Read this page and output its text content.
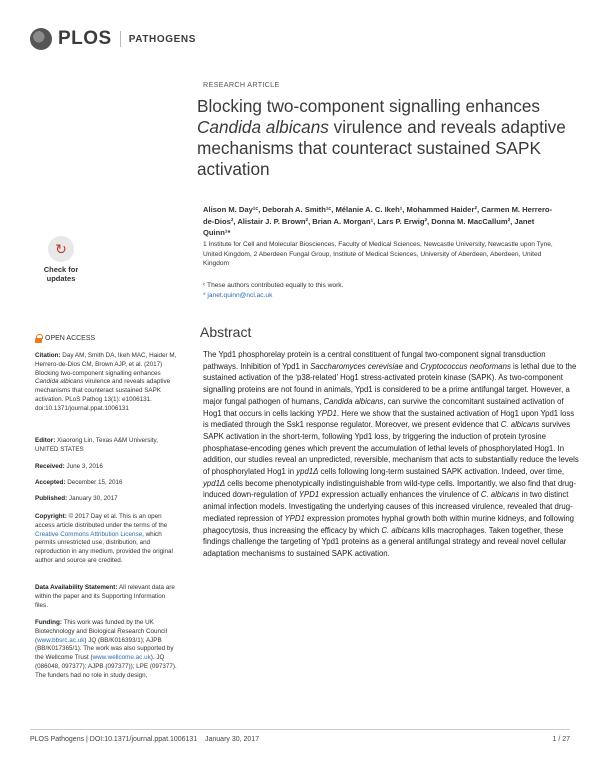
PLOS PATHOGENS
RESEARCH ARTICLE
Blocking two-component signalling enhances Candida albicans virulence and reveals adaptive mechanisms that counteract sustained SAPK activation
Alison M. Day¹ᶜ, Deborah A. Smith¹ᶜ, Mélanie A. C. Ikeh¹, Mohammed Haider², Carmen M. Herrero-de-Dios², Alistair J. P. Brown², Brian A. Morgan¹, Lars P. Erwig², Donna M. MacCallum², Janet Quinn¹*
1 Institute for Cell and Molecular Biosciences, Faculty of Medical Sciences, Newcastle University, Newcastle upon Tyne, United Kingdom, 2 Aberdeen Fungal Group, Institute of Medical Sciences, University of Aberdeen, Aberdeen, United Kingdom
ᶜ These authors contributed equally to this work.
* janet.quinn@ncl.ac.uk
Abstract
The Ypd1 phosphorelay protein is a central constituent of fungal two-component signal transduction pathways. Inhibition of Ypd1 in Saccharomyces cerevisiae and Cryptococcus neoformans is lethal due to the sustained activation of the ‘p38-related’ Hog1 stress-activated protein kinase (SAPK). As two-component signalling proteins are not found in animals, Ypd1 is considered to be a prime antifungal target. However, a major fungal pathogen of humans, Candida albicans, can survive the concomitant sustained activation of Hog1 that occurs in cells lacking YPD1. Here we show that the sustained activation of Hog1 upon Ypd1 loss is mediated through the Ssk1 response regulator. Moreover, we present evidence that C. albicans survives SAPK activation in the short-term, following Ypd1 loss, by triggering the induction of protein tyrosine phosphatase-encoding genes which prevent the accumulation of lethal levels of phosphorylated Hog1. In addition, our studies reveal an unpredicted, reversible, mechanism that acts to substantially reduce the levels of phosphorylated Hog1 in ypd1Δ cells following long-term sustained SAPK activation. Indeed, over time, ypd1Δ cells become phenotypically indistinguishable from wild-type cells. Importantly, we also find that drug-induced down-regulation of YPD1 expression actually enhances the virulence of C. albicans in two distinct animal infection models. Investigating the underlying causes of this increased virulence, revealed that drug-mediated repression of YPD1 expression promotes hyphal growth both within murine kidneys, and following phagocytosis, thus increasing the efficacy by which C. albicans kills macrophages. Taken together, these findings challenge the targeting of Ypd1 proteins as a general antifungal strategy and reveal novel cellular adaptation mechanisms to sustained SAPK activation.
↻
Check for updates
OPEN ACCESS
Citation: Day AM, Smith DA, Ikeh MAC, Haider M, Herrero-de-Dios CM, Brown AJP, et al. (2017) Blocking two-component signalling enhances Candida albicans virulence and reveals adaptive mechanisms that counteract sustained SAPK activation. PLoS Pathog 13(1): e1006131. doi:10.1371/journal.ppat.1006131
Editor: Xiaorong Lin, Texas A&M University, UNITED STATES
Received: June 3, 2016
Accepted: December 15, 2016
Published: January 30, 2017
Copyright: © 2017 Day et al. This is an open access article distributed under the terms of the Creative Commons Attribution License, which permits unrestricted use, distribution, and reproduction in any medium, provided the original author and source are credited.
Data Availability Statement: All relevant data are within the paper and its Supporting Information files.
Funding: This work was funded by the UK Biotechnology and Biological Research Council (www.bbsrc.ac.uk) JQ (BB/K016393/1); AJPB (BB/K017365/1). The work was also supported by the Wellcome Trust (www.wellcome.ac.uk). JQ (086048, 097377); AJPB (097377)); LPE (097377). The funders had no role in study design,
PLOS Pathogens | DOI:10.1371/journal.ppat.1006131    January 30, 2017	1 / 27
